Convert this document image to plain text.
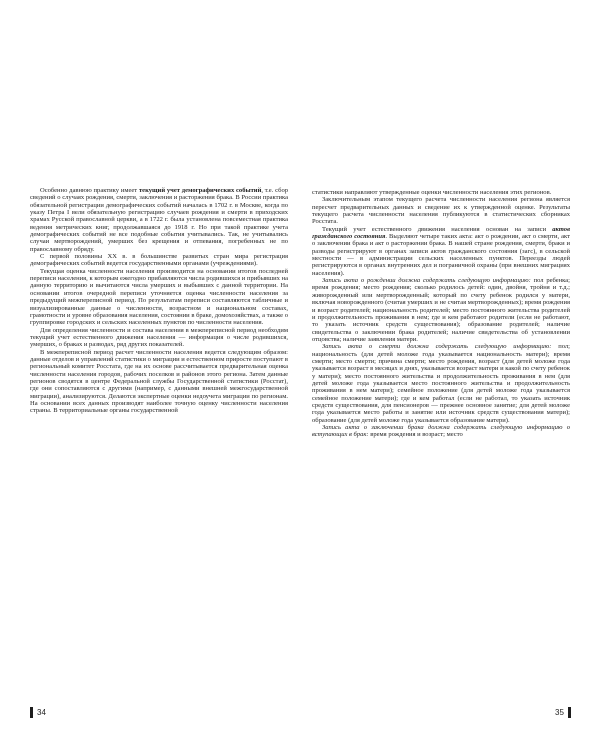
Особенно давнюю практику имеет текущий учет демографических событий, т.е. сбор сведений о случаях рождения, смерти, заключения и расторжения брака. В России практика обязательной регистрации демографических событий началась в 1702 г. в Москве, когда по указу Петра I вели обязательную регистрацию случаев рождения и смерти в приходских храмах Русской православной церкви, а в 1722 г. была установлена повсеместная практика ведения метрических книг, продолжавшаяся до 1918 г. Но при такой практике учета демографических событий не все подобные события учитывались. Так, не учитывались случаи мертворождений, умерших без крещения и отпевания, погребенных не по православному обряду.

С первой половины XX в. в большинстве развитых стран мира регистрация демографических событий ведется государственными органами (учреждениями).

Текущая оценка численности населения производится на основании итогов последней переписи населения, к которым ежегодно прибавляются числа родившихся и прибывших на данную территорию и вычитаются числа умерших и выбывших с данной территории. На основании итогов очередной переписи уточняется оценка численности населения за предыдущий межпереписной период. По результатам переписи составляются табличные и визуализированные данные о численности, возрастном и национальном составах, грамотности и уровне образования населения, состоянии в браке, домохозяйствах, а также о группировке городских и сельских населенных пунктов по численности населения.

Для определения численности и состава населения в межпереписной период необходим текущий учет естественного движения населения — информация о числе родившихся, умерших, о браках и разводах, ряд других показателей.

В межпереписной период расчет численности населения ведется следующим образом: данные отделов и управлений статистики о миграции и естественном приросте поступают в региональный комитет Росстата, где на их основе рассчитывается предварительная оценка численности населения городов, рабочих поселков и районов этого региона. Затем данные регионов сводятся в центре Федеральной службы Государственной статистики (Росстат), где они сопоставляются с другими (например, с данными внешней межгосударственной миграции), анализируются. Делаются экспертные оценки недоучета миграции по регионам. На основании всех данных производят наиболее точную оценку численности населения страны. В территориальные органы государственной

статистики направляют утвержденные оценки численности населения этих регионов.

Заключительным этапом текущего расчета численности населения региона является пересчет предварительных данных и сведение их к утвержденной оценке. Результаты текущего расчета численности населения публикуются в статистических сборниках Росстата.

Текущий учет естественного движения населения основан на записи актов гражданского состояния. Выделяют четыре таких акта: акт о рождении, акт о смерти, акт о заключении брака и акт о расторжении брака. В нашей стране рождения, смерти, браки и разводы регистрируют в органах записи актов гражданского состояния (загс), в сельской местности — в администрации сельских населенных пунктов. Переезды людей регистрируются в органах внутренних дел и пограничной охраны (при внешних миграциях населения).

Запись акта о рождении должна содержать следующую информацию: пол ребенка; время рождения; место рождения; сколько родилось детей: один, двойня, тройня и т.д.; живорожденный или мертворожденный; который по счету ребенок родился у матери, включая новорожденного (считая умерших и не считая мертворожденных); время рождения и возраст родителей; национальность родителей; место постоянного жительства родителей и продолжительность проживания в нем; где и кем работают родители (если не работают, то указать источник средств существования); образование родителей; наличие свидетельства о заключении брака родителей; наличие свидетельства об установлении отцовства; наличие заявления матери.

Запись акта о смерти должна содержать следующую информацию: пол; национальность (для детей моложе года указывается национальность матери); время смерти; место смерти; причина смерти; место рождения, возраст (для детей моложе года указывается возраст в месяцах и днях, указывается возраст матери и какой по счету ребенок у матери); место постоянного жительства и продолжительность проживания в нем (для детей моложе года указывается место постоянного жительства и продолжительность проживания в нем матери); семейное положение (для детей моложе года указывается семейное положение матери); где и кем работал (если не работал, то указать источник средств существования, для пенсионеров — прежнее основное занятие; для детей моложе года указывается место работы и занятие или источник средств существования матери); образование (для детей моложе года указывается образование матери).

Запись акта о заключении брака должна содержать следующую информацию о вступающих в брак: время рождения и возраст; место

34	35
